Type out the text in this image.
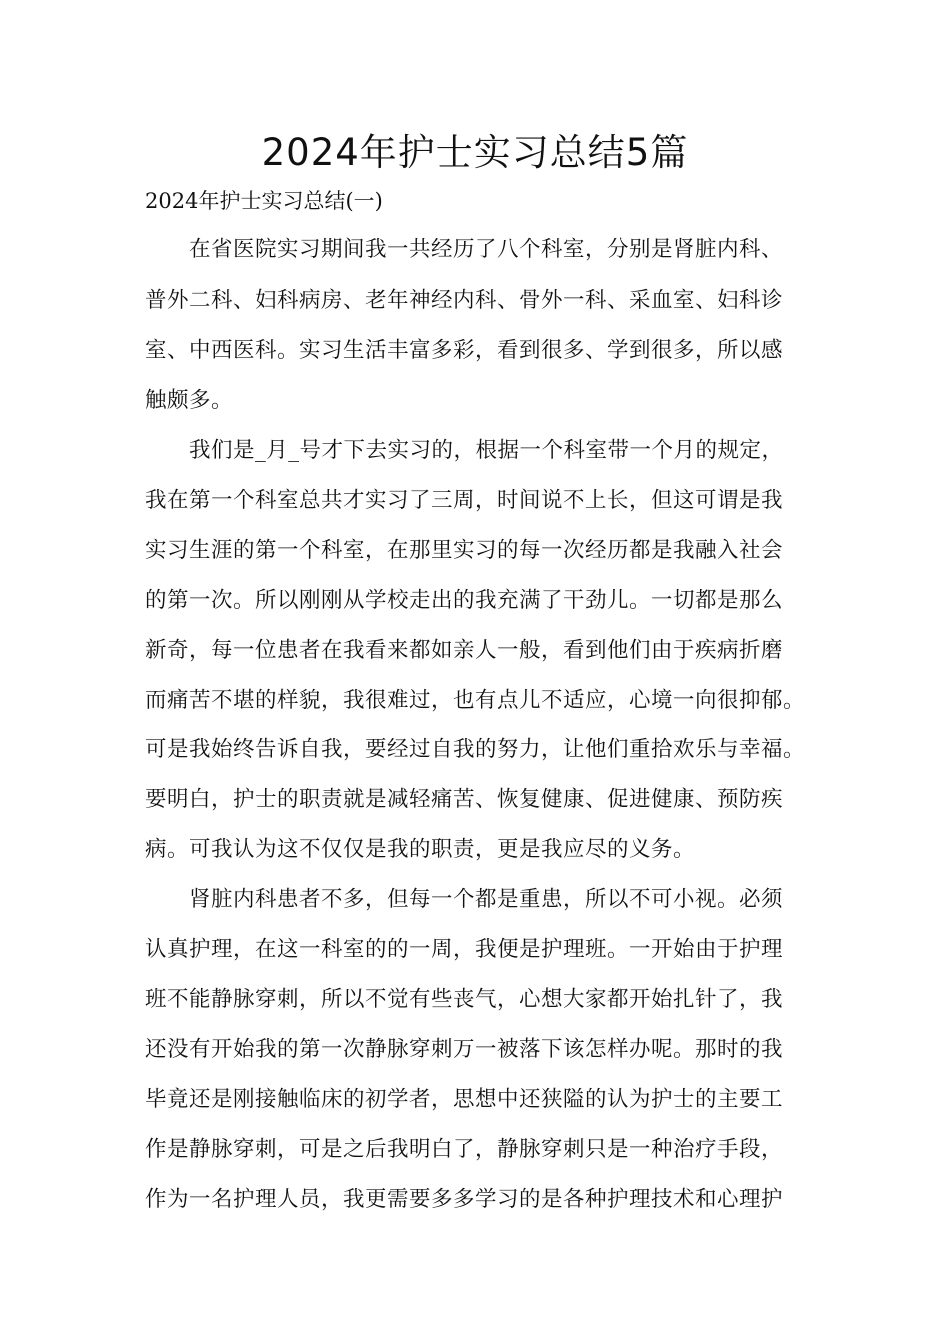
2024年护士实习总结5篇

2024年护士实习总结(一)

　　在省医院实习期间我一共经历了八个科室，分别是肾脏内科、

普外二科、妇科病房、老年神经内科、骨外一科、采血室、妇科诊

室、中西医科。实习生活丰富多彩，看到很多、学到很多，所以感

触颇多。

　　我们是_月_号才下去实习的，根据一个科室带一个月的规定，

我在第一个科室总共才实习了三周，时间说不上长，但这可谓是我

实习生涯的第一个科室，在那里实习的每一次经历都是我融入社会

的第一次。所以刚刚从学校走出的我充满了干劲儿。一切都是那么

新奇，每一位患者在我看来都如亲人一般，看到他们由于疾病折磨

而痛苦不堪的样貌，我很难过，也有点儿不适应，心境一向很抑郁。

可是我始终告诉自我，要经过自我的努力，让他们重拾欢乐与幸福。

要明白，护士的职责就是减轻痛苦、恢复健康、促进健康、预防疾

病。可我认为这不仅仅是我的职责，更是我应尽的义务。

　　肾脏内科患者不多，但每一个都是重患，所以不可小视。必须

认真护理，在这一科室的的一周，我便是护理班。一开始由于护理

班不能静脉穿刺，所以不觉有些丧气，心想大家都开始扎针了，我

还没有开始我的第一次静脉穿刺万一被落下该怎样办呢。那时的我

毕竟还是刚接触临床的初学者，思想中还狭隘的认为护士的主要工

作是静脉穿刺，可是之后我明白了，静脉穿刺只是一种治疗手段，

作为一名护理人员，我更需要多多学习的是各种护理技术和心理护
